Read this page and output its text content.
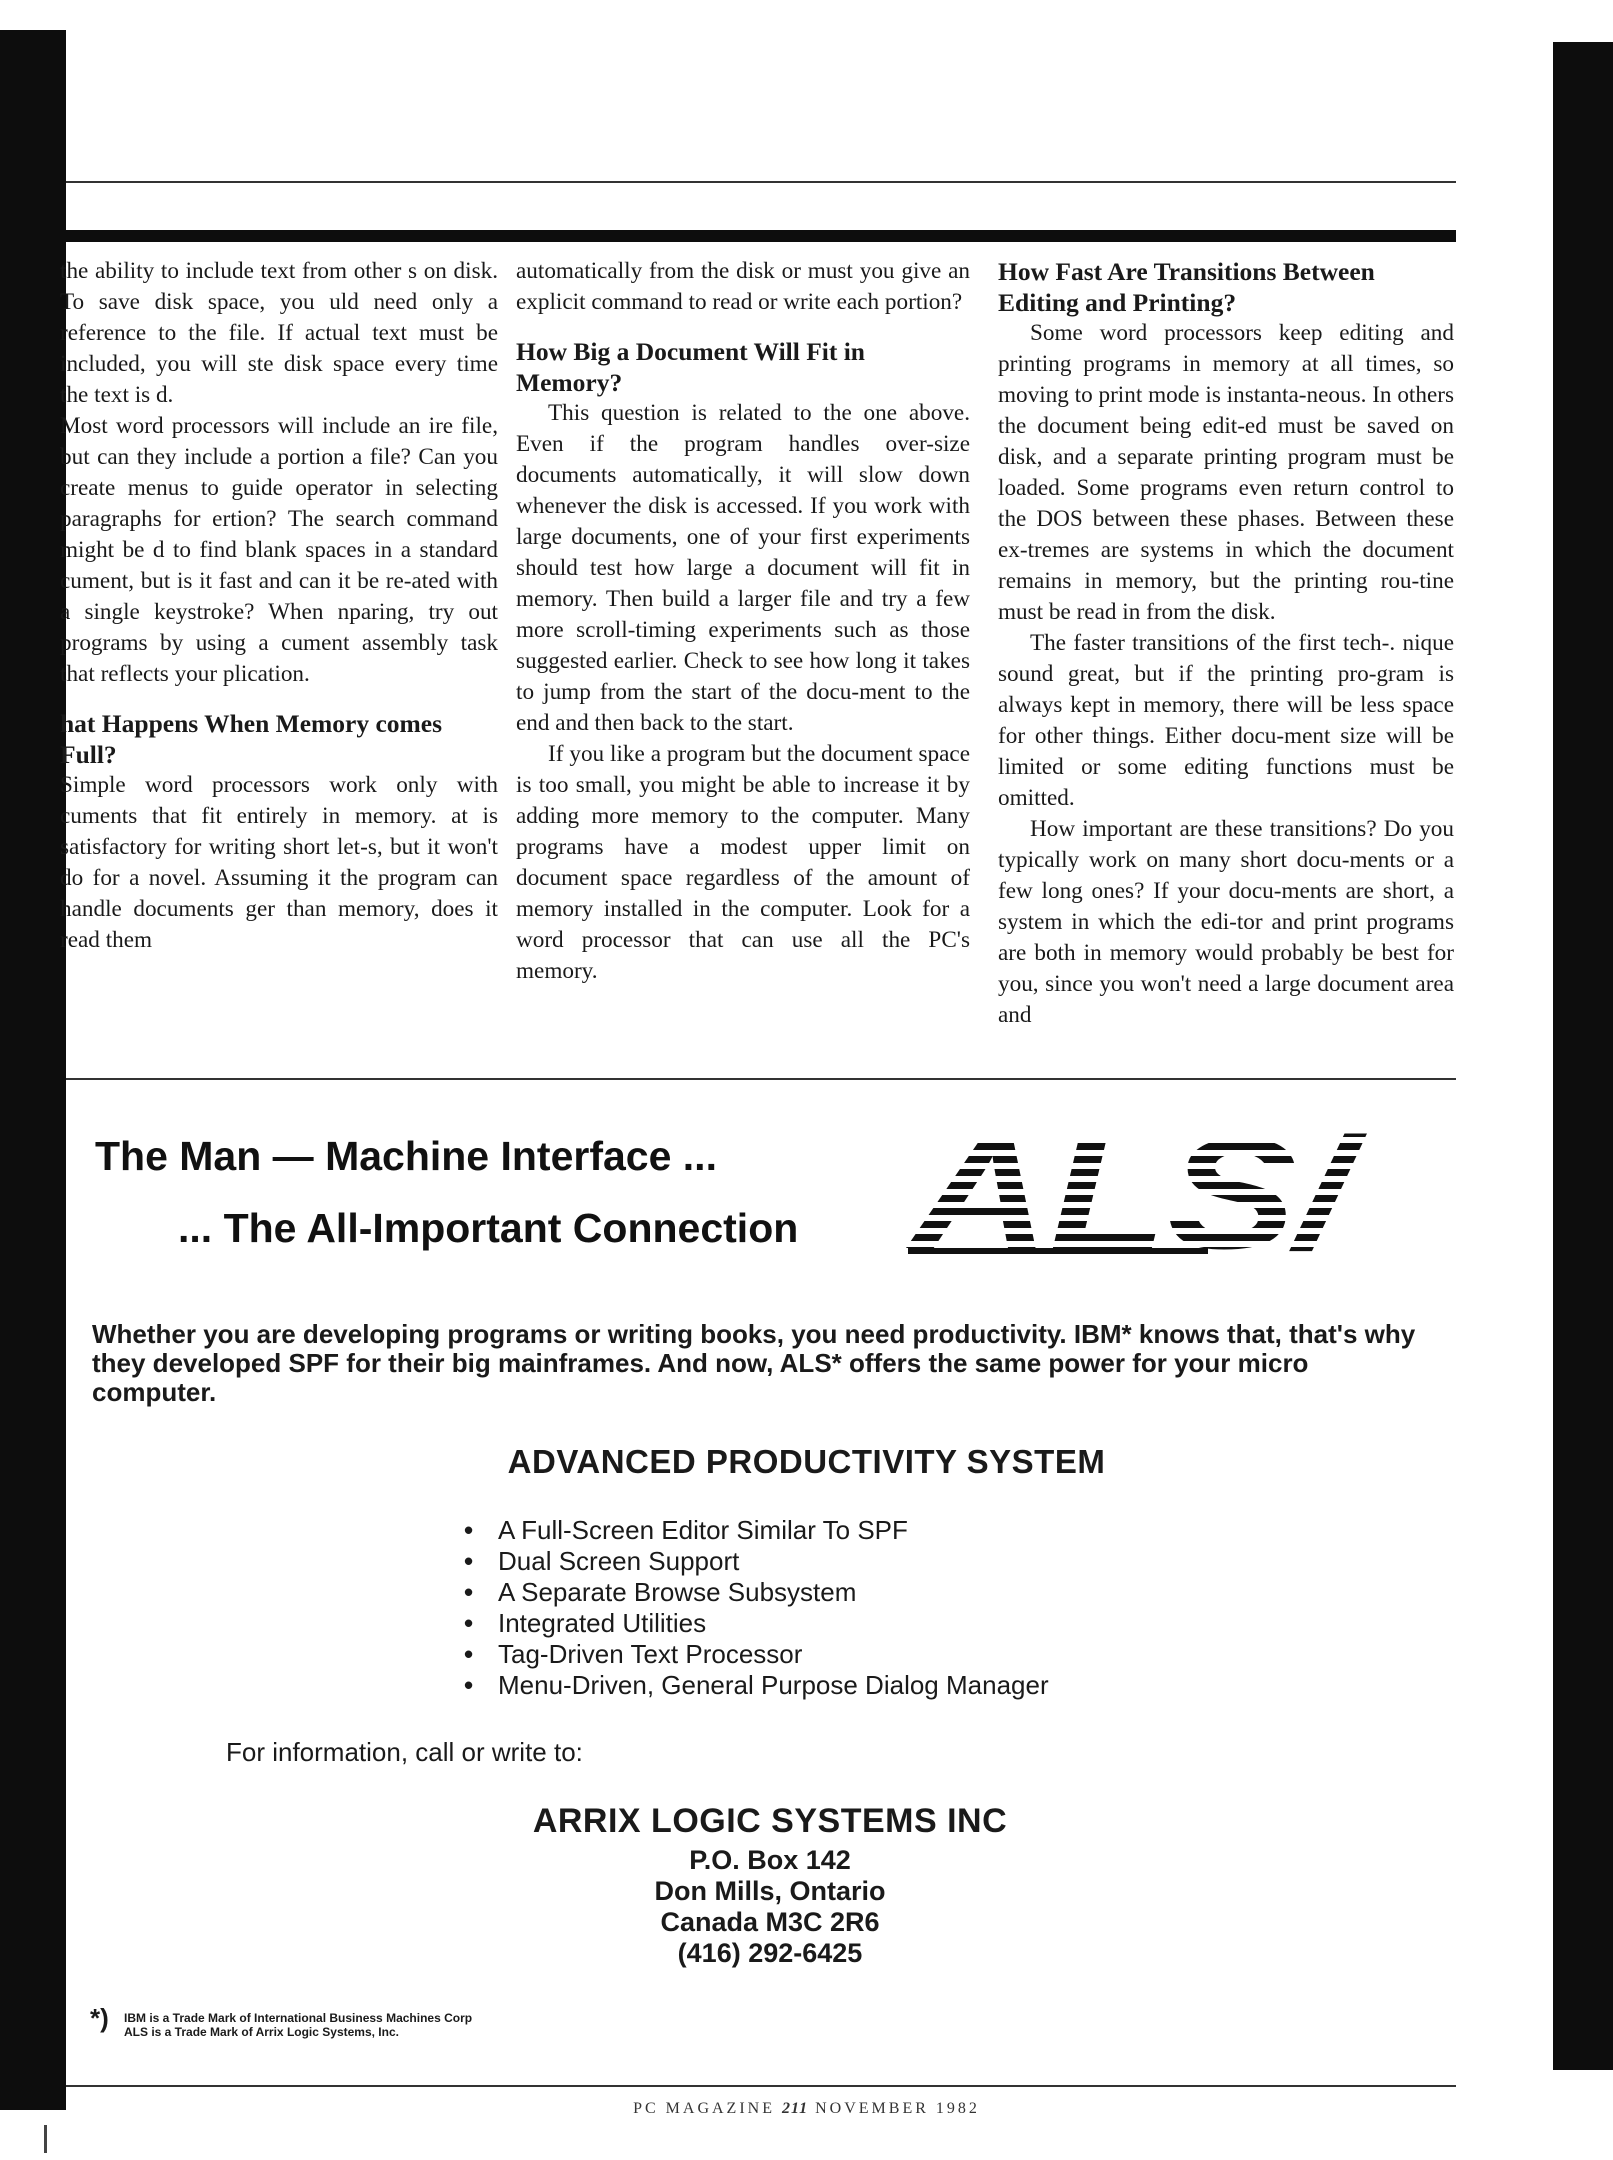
the ability to include text from other s on disk. To save disk space, you uld need only a reference to the file. If actual text must be included, you will ste disk space every time the text is d.

Most word processors will include an ire file, but can they include a portion a file? Can you create menus to guide operator in selecting paragraphs for ertion? The search command might be d to find blank spaces in a standard cument, but is it fast and can it be re-ated with a single keystroke? When nparing, try out programs by using a cument assembly task that reflects your plication.

hat Happens When Memory comes Full?

Simple word processors work only with cuments that fit entirely in memory. at is satisfactory for writing short let-s, but it won't do for a novel. Assuming it the program can handle documents ger than memory, does it read them

automatically from the disk or must you give an explicit command to read or write each portion?

How Big a Document Will Fit in Memory?

This question is related to the one above. Even if the program handles over-size documents automatically, it will slow down whenever the disk is accessed. If you work with large documents, one of your first experiments should test how large a document will fit in memory. Then build a larger file and try a few more scroll-timing experiments such as those suggested earlier. Check to see how long it takes to jump from the start of the docu-ment to the end and then back to the start.

If you like a program but the document space is too small, you might be able to increase it by adding more memory to the computer. Many programs have a modest upper limit on document space regardless of the amount of memory installed in the computer. Look for a word processor that can use all the PC's memory.

How Fast Are Transitions Between Editing and Printing?

Some word processors keep editing and printing programs in memory at all times, so moving to print mode is instanta-neous. In others the document being edit-ed must be saved on disk, and a separate printing program must be loaded. Some programs even return control to the DOS between these phases. Between these ex-tremes are systems in which the document remains in memory, but the printing rou-tine must be read in from the disk.

The faster transitions of the first tech-. nique sound great, but if the printing pro-gram is always kept in memory, there will be less space for other things. Either docu-ment size will be limited or some editing functions must be omitted.

How important are these transitions? Do you typically work on many short docu-ments or a few long ones? If your docu-ments are short, a system in which the edi-tor and print programs are both in memory would probably be best for you, since you won't need a large document area and

The Man — Machine Interface ...
... The All-Important Connection
Whether you are developing programs or writing books, you need productivity. IBM* knows that, that's why they developed SPF for their big mainframes. And now, ALS* offers the same power for your micro computer.
ADVANCED PRODUCTIVITY SYSTEM
• A Full-Screen Editor Similar To SPF
• Dual Screen Support
• A Separate Browse Subsystem
• Integrated Utilities
• Tag-Driven Text Processor
• Menu-Driven, General Purpose Dialog Manager
For information, call or write to:
ARRIX LOGIC SYSTEMS INC
P.O. Box 142
Don Mills, Ontario
Canada M3C 2R6
(416) 292-6425
*) IBM is a Trade Mark of International Business Machines Corp
ALS is a Trade Mark of Arrix Logic Systems, Inc.
PC MAGAZINE 211 NOVEMBER 1982
